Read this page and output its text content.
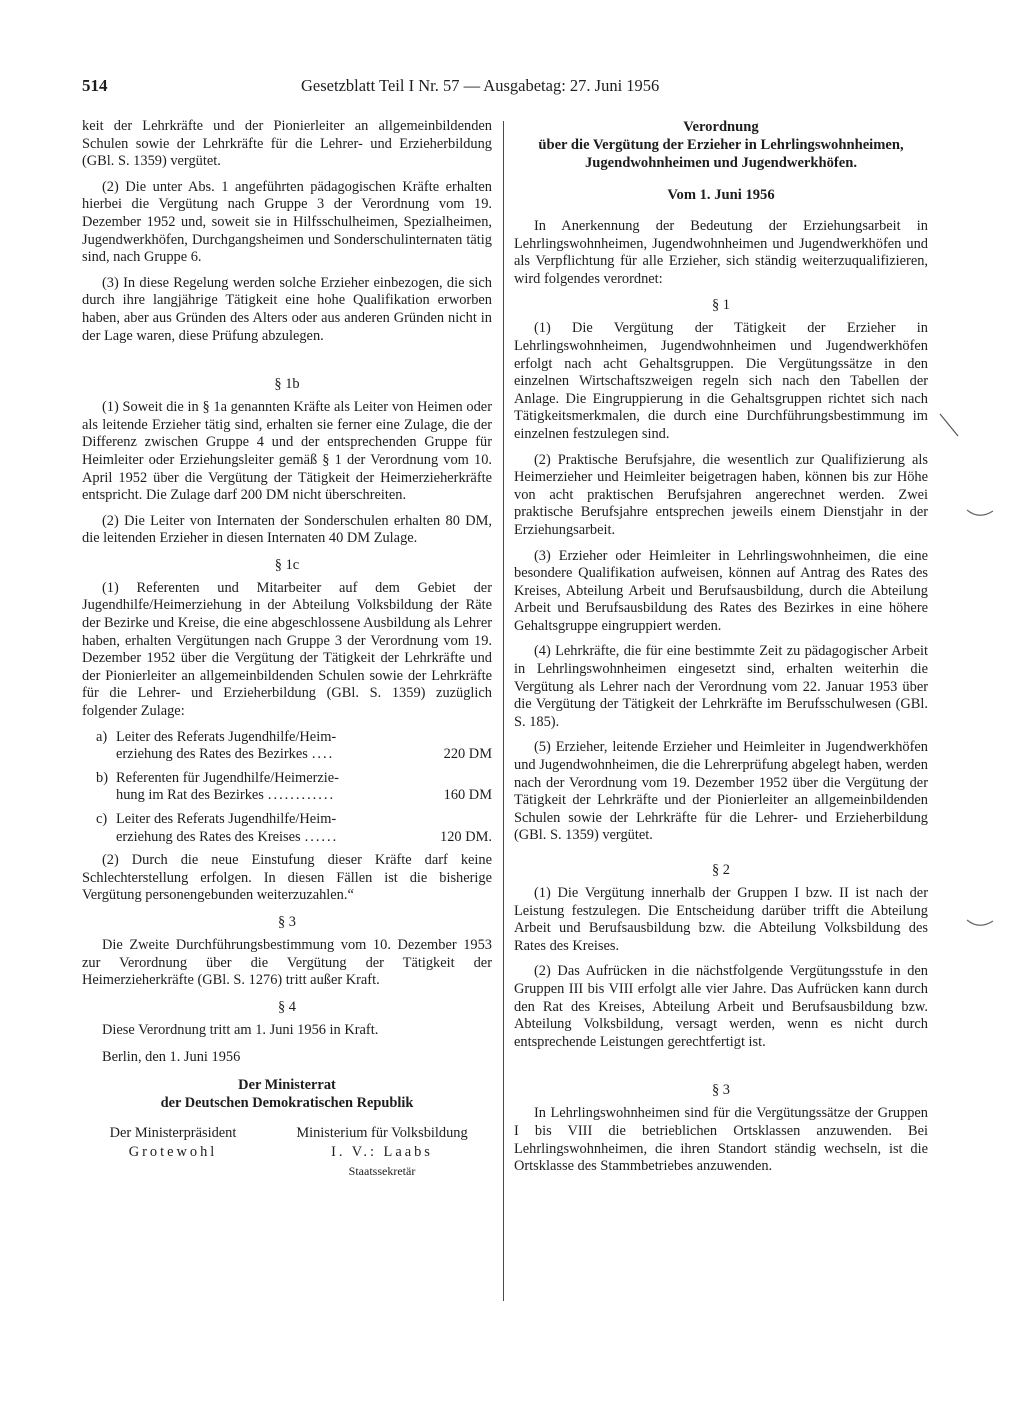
514	Gesetzblatt Teil I Nr. 57 — Ausgabetag: 27. Juni 1956

keit der Lehrkräfte und der Pionierleiter an allgemeinbildenden Schulen sowie der Lehrkräfte für die Lehrer- und Erzieherbildung (GBl. S. 1359) vergütet.

(2) Die unter Abs. 1 angeführten pädagogischen Kräfte erhalten hierbei die Vergütung nach Gruppe 3 der Verordnung vom 19. Dezember 1952 und, soweit sie in Hilfsschulheimen, Spezialheimen, Jugendwerkhöfen, Durchgangsheimen und Sonderschulinternaten tätig sind, nach Gruppe 6.

(3) In diese Regelung werden solche Erzieher einbezogen, die sich durch ihre langjährige Tätigkeit eine hohe Qualifikation erworben haben, aber aus Gründen des Alters oder aus anderen Gründen nicht in der Lage waren, diese Prüfung abzulegen.

§ 1b

(1) Soweit die in § 1a genannten Kräfte als Leiter von Heimen oder als leitende Erzieher tätig sind, erhalten sie ferner eine Zulage, die der Differenz zwischen Gruppe 4 und der entsprechenden Gruppe für Heimleiter oder Erziehungsleiter gemäß § 1 der Verordnung vom 10. April 1952 über die Vergütung der Tätigkeit der Heimerzieherkräfte entspricht. Die Zulage darf 200 DM nicht überschreiten.

(2) Die Leiter von Internaten der Sonderschulen erhalten 80 DM, die leitenden Erzieher in diesen Internaten 40 DM Zulage.

§ 1c

(1) Referenten und Mitarbeiter auf dem Gebiet der Jugendhilfe/Heimerziehung in der Abteilung Volksbildung der Räte der Bezirke und Kreise, die eine abgeschlossene Ausbildung als Lehrer haben, erhalten Vergütungen nach Gruppe 3 der Verordnung vom 19. Dezember 1952 über die Vergütung der Tätigkeit der Lehrkräfte und der Pionierleiter an allgemeinbildenden Schulen sowie der Lehrkräfte für die Lehrer- und Erzieherbildung (GBl. S. 1359) zuzüglich folgender Zulage:

a) Leiter des Referats Jugendhilfe/Heim-
erziehung des Rates des Bezirkes ....	220 DM
b) Referenten für Jugendhilfe/Heimerzie-
hung im Rat des Bezirkes ............	160 DM
c) Leiter des Referats Jugendhilfe/Heim-
erziehung des Rates des Kreises ......	120 DM.

(2) Durch die neue Einstufung dieser Kräfte darf keine Schlechterstellung erfolgen. In diesen Fällen ist die bisherige Vergütung personengebunden weiterzuzahlen.“

§ 3

Die Zweite Durchführungsbestimmung vom 10. Dezember 1953 zur Verordnung über die Vergütung der Tätigkeit der Heimerzieherkräfte (GBl. S. 1276) tritt außer Kraft.

§ 4

Diese Verordnung tritt am 1. Juni 1956 in Kraft.

Berlin, den 1. Juni 1956

Der Ministerrat

der Deutschen Demokratischen Republik

Der Ministerpräsident
Grotewohl
Ministerium für Volksbildung
I. V.: Laabs
Staatssekretär

Verordnung

über die Vergütung der Erzieher in Lehrlingswohnheimen, Jugendwohnheimen und Jugendwerkhöfen.

Vom 1. Juni 1956

In Anerkennung der Bedeutung der Erziehungsarbeit in Lehrlingswohnheimen, Jugendwohnheimen und Jugendwerkhöfen und als Verpflichtung für alle Erzieher, sich ständig weiterzuqualifizieren, wird folgendes verordnet:

§ 1

(1) Die Vergütung der Tätigkeit der Erzieher in Lehrlingswohnheimen, Jugendwohnheimen und Jugendwerkhöfen erfolgt nach acht Gehaltsgruppen. Die Vergütungssätze in den einzelnen Wirtschaftszweigen regeln sich nach den Tabellen der Anlage. Die Eingruppierung in die Gehaltsgruppen richtet sich nach Tätigkeitsmerkmalen, die durch eine Durchführungsbestimmung im einzelnen festzulegen sind.

(2) Praktische Berufsjahre, die wesentlich zur Qualifizierung als Heimerzieher und Heimleiter beigetragen haben, können bis zur Höhe von acht praktischen Berufsjahren angerechnet werden. Zwei praktische Berufsjahre entsprechen jeweils einem Dienstjahr in der Erziehungsarbeit.

(3) Erzieher oder Heimleiter in Lehrlingswohnheimen, die eine besondere Qualifikation aufweisen, können auf Antrag des Rates des Kreises, Abteilung Arbeit und Berufsausbildung, durch die Abteilung Arbeit und Berufsausbildung des Rates des Bezirkes in eine höhere Gehaltsgruppe eingruppiert werden.

(4) Lehrkräfte, die für eine bestimmte Zeit zu pädagogischer Arbeit in Lehrlingswohnheimen eingesetzt sind, erhalten weiterhin die Vergütung als Lehrer nach der Verordnung vom 22. Januar 1953 über die Vergütung der Tätigkeit der Lehrkräfte im Berufsschulwesen (GBl. S. 185).

(5) Erzieher, leitende Erzieher und Heimleiter in Jugendwerkhöfen und Jugendwohnheimen, die die Lehrerprüfung abgelegt haben, werden nach der Verordnung vom 19. Dezember 1952 über die Vergütung der Tätigkeit der Lehrkräfte und der Pionierleiter an allgemeinbildenden Schulen sowie der Lehrkräfte für die Lehrer- und Erzieherbildung (GBl. S. 1359) vergütet.

§ 2

(1) Die Vergütung innerhalb der Gruppen I bzw. II ist nach der Leistung festzulegen. Die Entscheidung darüber trifft die Abteilung Arbeit und Berufsausbildung bzw. die Abteilung Volksbildung des Rates des Kreises.

(2) Das Aufrücken in die nächstfolgende Vergütungsstufe in den Gruppen III bis VIII erfolgt alle vier Jahre. Das Aufrücken kann durch den Rat des Kreises, Abteilung Arbeit und Berufsausbildung bzw. Abteilung Volksbildung, versagt werden, wenn es nicht durch entsprechende Leistungen gerechtfertigt ist.

§ 3

In Lehrlingswohnheimen sind für die Vergütungssätze der Gruppen I bis VIII die betrieblichen Ortsklassen anzuwenden. Bei Lehrlingswohnheimen, die ihren Standort ständig wechseln, ist die Ortsklasse des Stammbetriebes anzuwenden.
